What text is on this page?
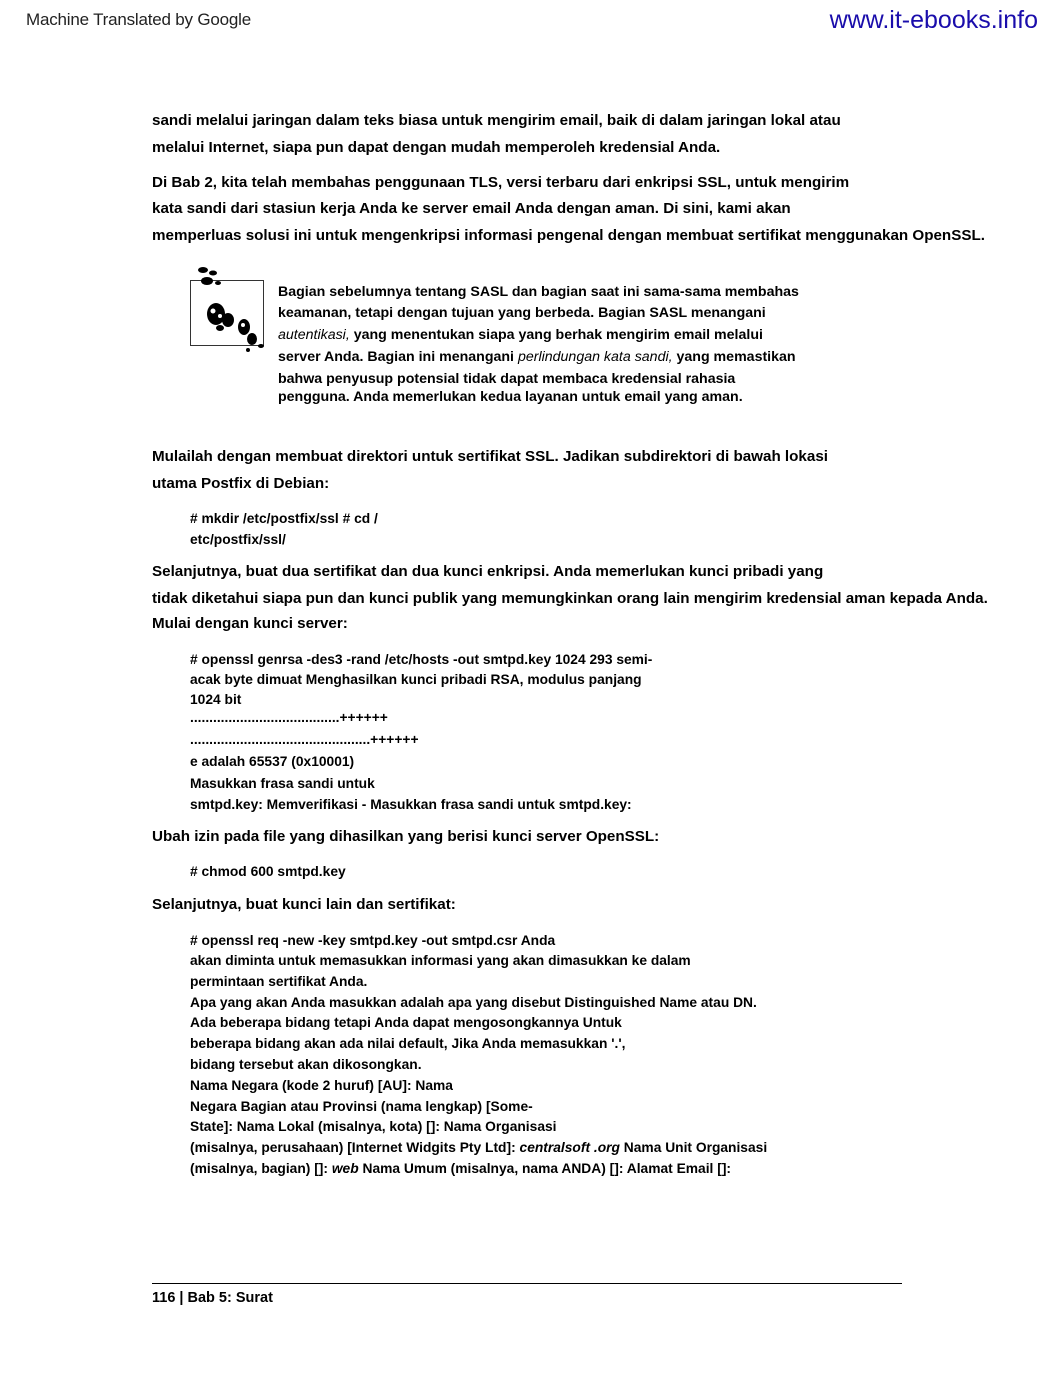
Machine Translated by Google	www.it-ebooks.info
sandi melalui jaringan dalam teks biasa untuk mengirim email, baik di dalam jaringan lokal atau
melalui Internet, siapa pun dapat dengan mudah memperoleh kredensial Anda.
Di Bab 2, kita telah membahas penggunaan TLS, versi terbaru dari enkripsi SSL, untuk mengirim
kata sandi dari stasiun kerja Anda ke server email Anda dengan aman. Di sini, kami akan
memperluas solusi ini untuk mengenkripsi informasi pengenal dengan membuat sertifikat menggunakan OpenSSL.
Bagian sebelumnya tentang SASL dan bagian saat ini sama-sama membahas
keamanan, tetapi dengan tujuan yang berbeda. Bagian SASL menangani
autentikasi, yang menentukan siapa yang berhak mengirim email melalui
server Anda. Bagian ini menangani perlindungan kata sandi, yang memastikan
bahwa penyusup potensial tidak dapat membaca kredensial rahasia
pengguna. Anda memerlukan kedua layanan untuk email yang aman.
Mulailah dengan membuat direktori untuk sertifikat SSL. Jadikan subdirektori di bawah lokasi
utama Postfix di Debian:
# mkdir /etc/postfix/ssl # cd /
etc/postfix/ssl/
Selanjutnya, buat dua sertifikat dan dua kunci enkripsi. Anda memerlukan kunci pribadi yang
tidak diketahui siapa pun dan kunci publik yang memungkinkan orang lain mengirim kredensial aman kepada Anda.
Mulai dengan kunci server:
# openssl genrsa -des3 -rand /etc/hosts -out smtpd.key 1024 293 semi-
acak byte dimuat Menghasilkan kunci pribadi RSA, modulus panjang
1024 bit
.......................................++++++
...............................................++++++
e adalah 65537 (0x10001)
Masukkan frasa sandi untuk
smtpd.key: Memverifikasi - Masukkan frasa sandi untuk smtpd.key:
Ubah izin pada file yang dihasilkan yang berisi kunci server OpenSSL:
# chmod 600 smtpd.key
Selanjutnya, buat kunci lain dan sertifikat:
# openssl req -new -key smtpd.key -out smtpd.csr Anda
akan diminta untuk memasukkan informasi yang akan dimasukkan ke dalam
permintaan sertifikat Anda.
Apa yang akan Anda masukkan adalah apa yang disebut Distinguished Name atau DN.
Ada beberapa bidang tetapi Anda dapat mengosongkannya Untuk
beberapa bidang akan ada nilai default, Jika Anda memasukkan '.',
bidang tersebut akan dikosongkan.
Nama Negara (kode 2 huruf) [AU]: Nama
Negara Bagian atau Provinsi (nama lengkap) [Some-
State]: Nama Lokal (misalnya, kota) []: Nama Organisasi
(misalnya, perusahaan) [Internet Widgits Pty Ltd]: centralsoft .org Nama Unit Organisasi
(misalnya, bagian) []: web Nama Umum (misalnya, nama ANDA) []: Alamat Email []:
116 | Bab 5: Surat
